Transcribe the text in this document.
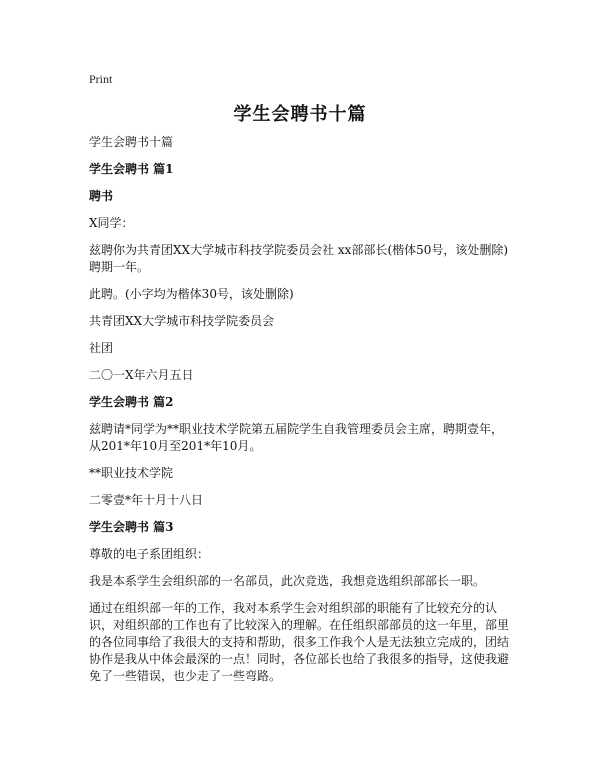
Print
学生会聘书十篇
学生会聘书十篇
学生会聘书 篇1
聘书
X同学：
兹聘你为共青团XX大学城市科技学院委员会社 xx部部长(楷体50号，该处删除)聘期一年。
此聘。(小字均为楷体30号，该处删除)
共青团XX大学城市科技学院委员会
社团
二〇一X年六月五日
学生会聘书 篇2
兹聘请*同学为**职业技术学院第五届院学生自我管理委员会主席，聘期壹年，从201*年10月至201*年10月。
**职业技术学院
二零壹*年十月十八日
学生会聘书 篇3
尊敬的电子系团组织：
我是本系学生会组织部的一名部员，此次竞选，我想竞选组织部部长一职。
通过在组织部一年的工作，我对本系学生会对组织部的职能有了比较充分的认识，对组织部的工作也有了比较深入的理解。在任组织部部员的这一年里，部里的各位同事给了我很大的支持和帮助，很多工作我个人是无法独立完成的，团结协作是我从中体会最深的一点！同时，各位部长也给了我很多的指导，这使我避免了一些错误，也少走了一些弯路。
